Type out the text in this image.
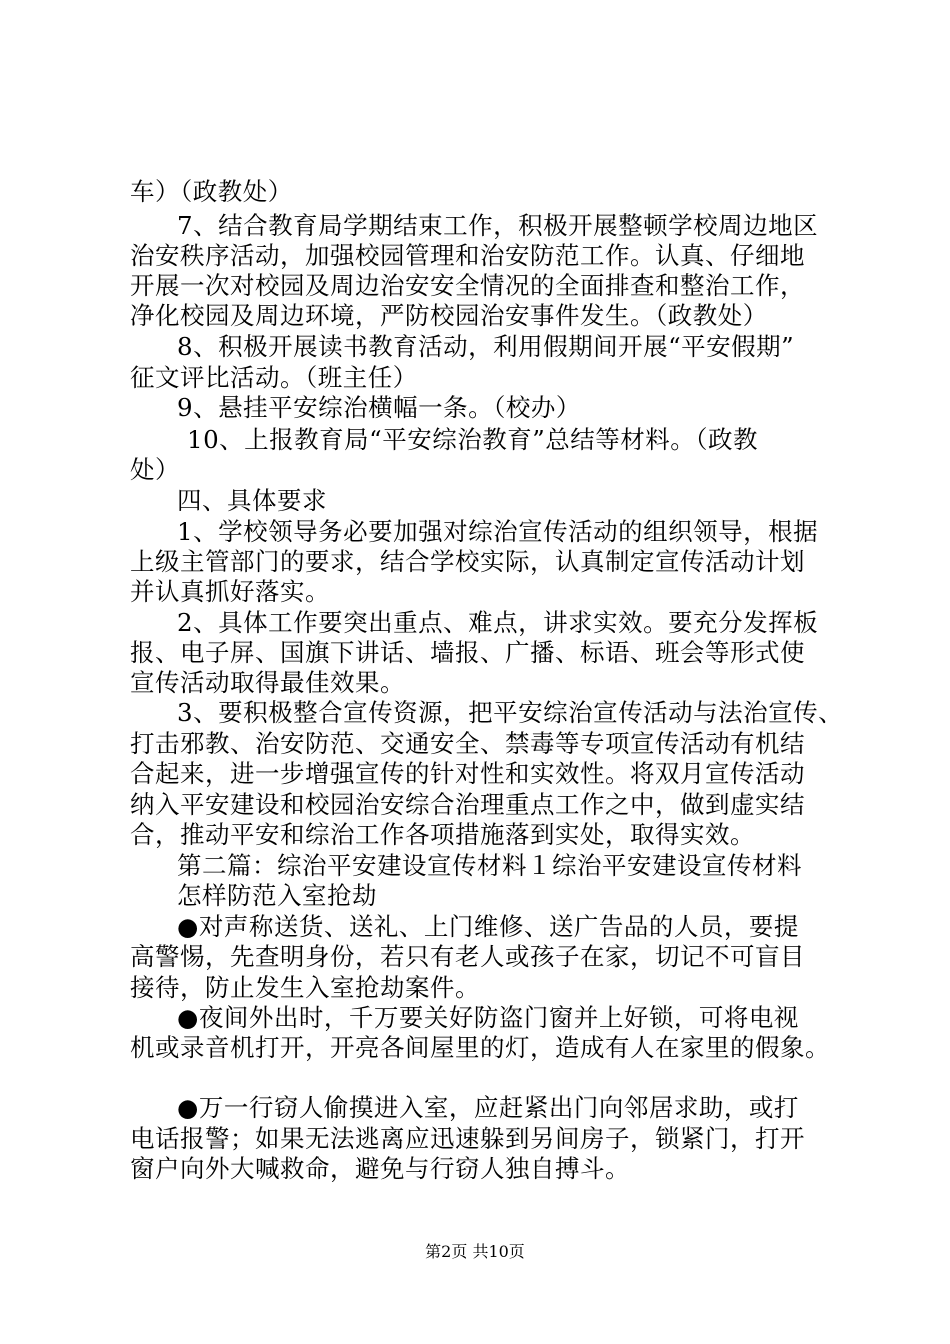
车）（政教处）
7、结合教育局学期结束工作，积极开展整顿学校周边地区
治安秩序活动，加强校园管理和治安防范工作。认真、仔细地
开展一次对校园及周边治安安全情况的全面排查和整治工作，
净化校园及周边环境，严防校园治安事件发生。（政教处）
8、积极开展读书教育活动，利用假期间开展“平安假期”
征文评比活动。（班主任）
9、悬挂平安综治横幅一条。（校办）
10、上报教育局“平安综治教育”总结等材料。（政教
处）
四、具体要求
1、学校领导务必要加强对综治宣传活动的组织领导，根据
上级主管部门的要求，结合学校实际，认真制定宣传活动计划
并认真抓好落实。
2、具体工作要突出重点、难点，讲求实效。要充分发挥板
报、电子屏、国旗下讲话、墙报、广播、标语、班会等形式使
宣传活动取得最佳效果。
3、要积极整合宣传资源，把平安综治宣传活动与法治宣传、
打击邪教、治安防范、交通安全、禁毒等专项宣传活动有机结
合起来，进一步增强宣传的针对性和实效性。将双月宣传活动
纳入平安建设和校园治安综合治理重点工作之中，做到虚实结
合，推动平安和综治工作各项措施落到实处，取得实效。
第二篇：综治平安建设宣传材料１综治平安建设宣传材料
怎样防范入室抢劫
●对声称送货、送礼、上门维修、送广告品的人员，要提
高警惕，先查明身份，若只有老人或孩子在家，切记不可盲目
接待，防止发生入室抢劫案件。
●夜间外出时，千万要关好防盗门窗并上好锁，可将电视
机或录音机打开，开亮各间屋里的灯，造成有人在家里的假象。
●万一行窃人偷摸进入室，应赶紧出门向邻居求助，或打
电话报警；如果无法逃离应迅速躲到另间房子，锁紧门，打开
窗户向外大喊救命，避免与行窃人独自搏斗。
第2页 共10页
